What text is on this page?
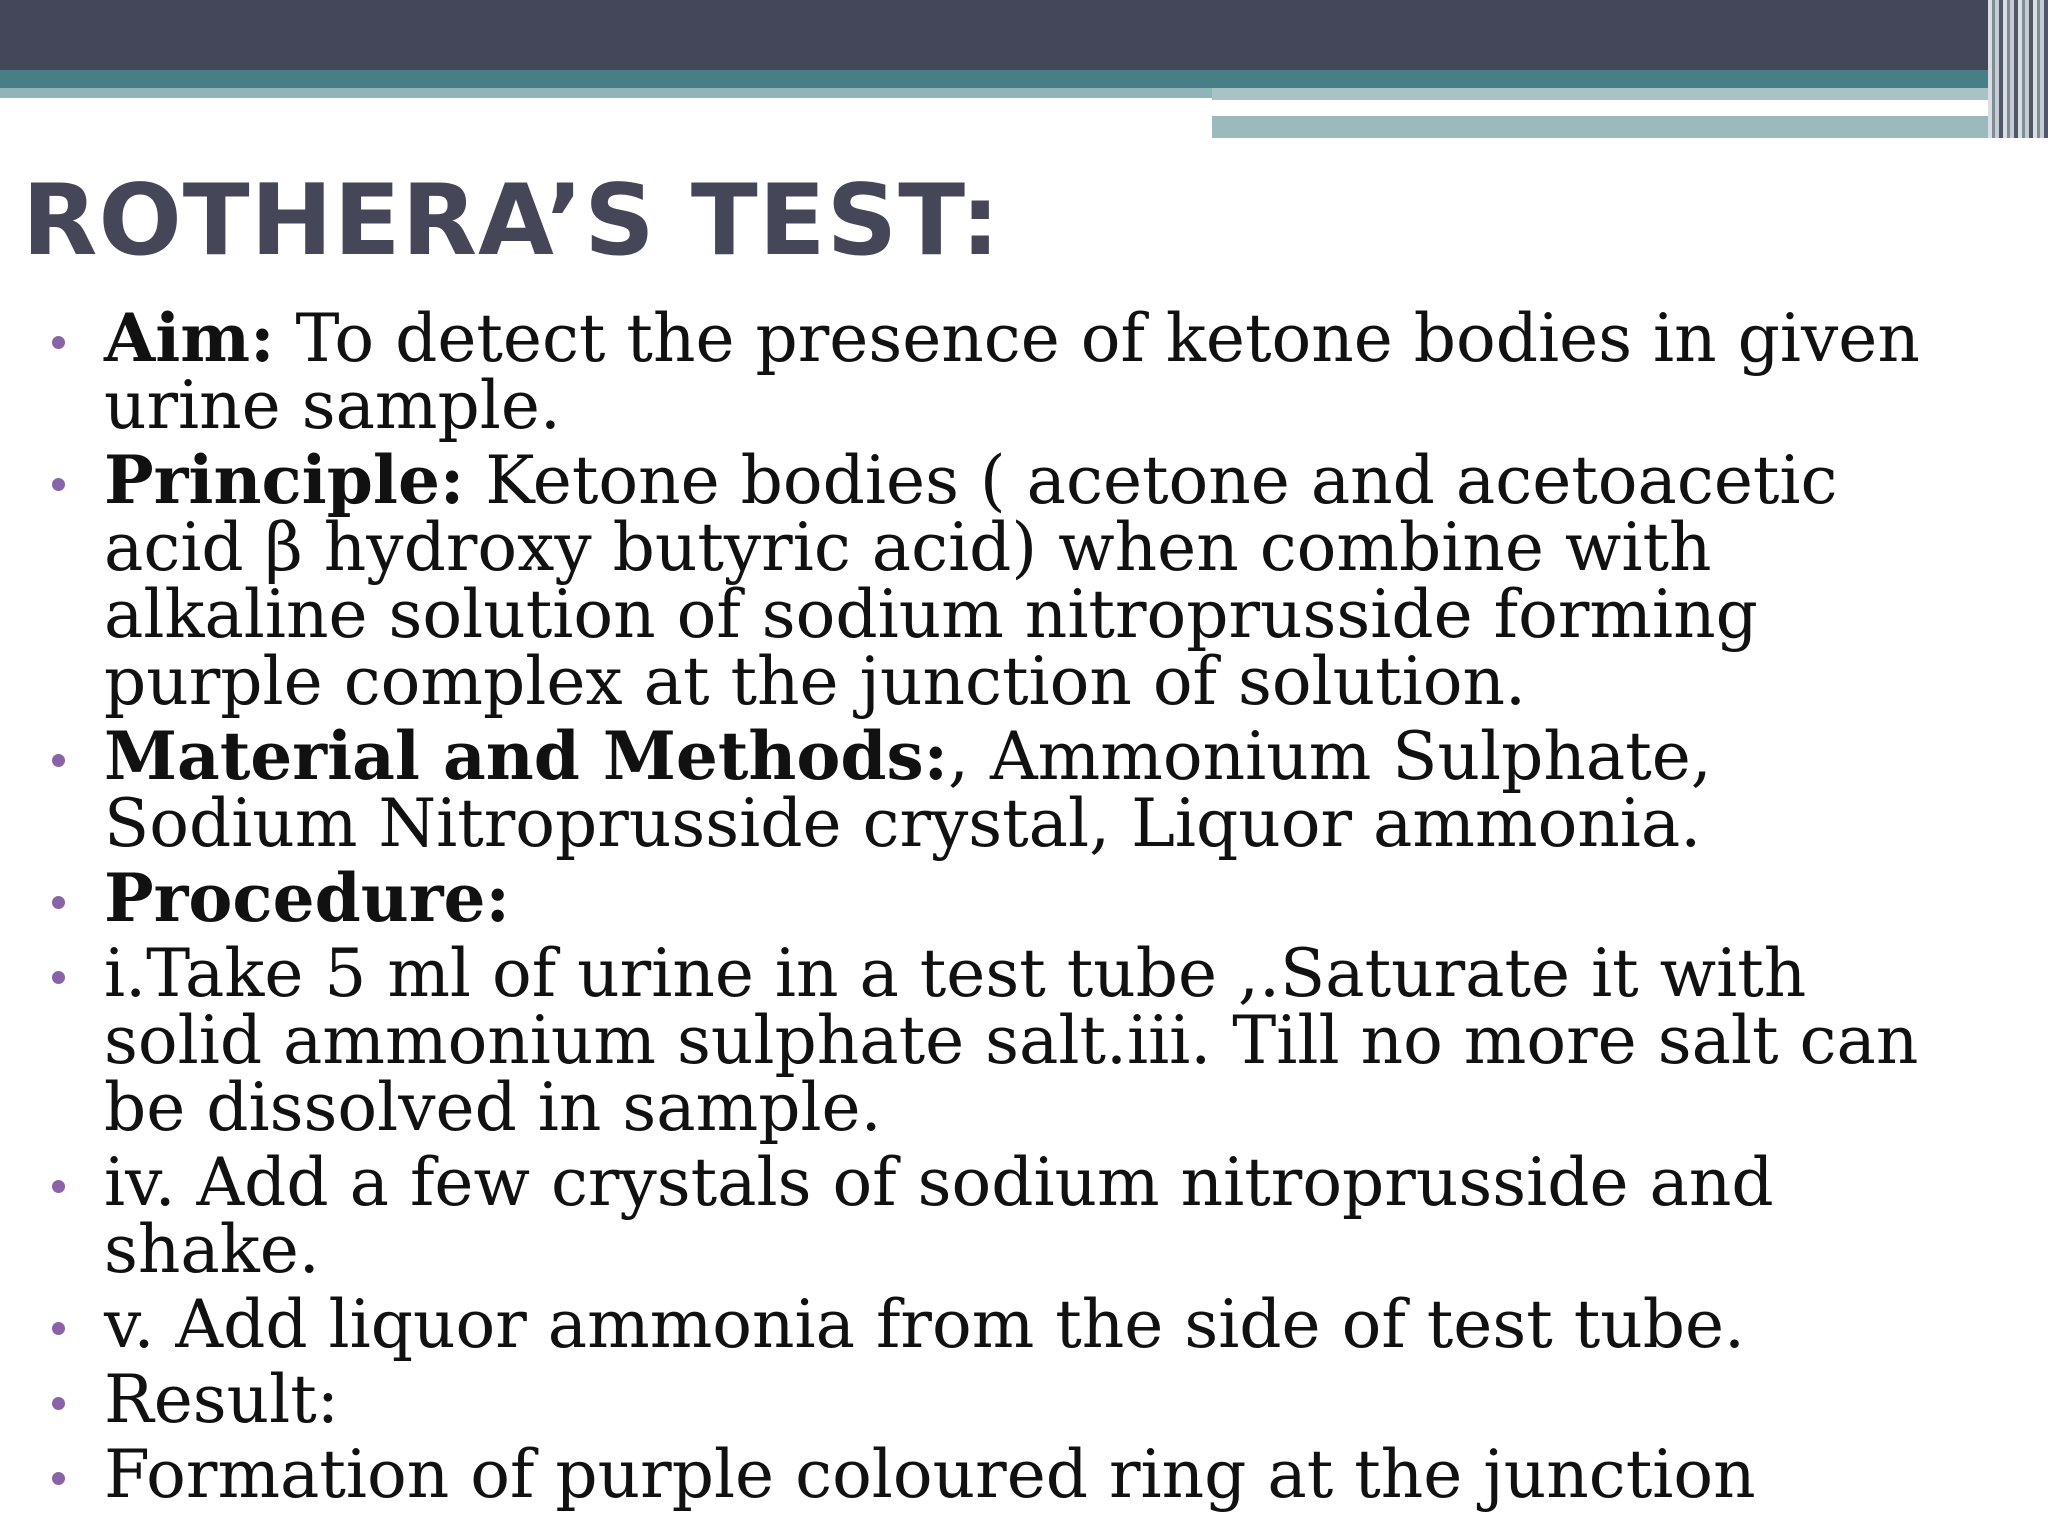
ROTHERA’S TEST:
Aim: To detect the presence of ketone bodies in given urine sample.
Principle: Ketone bodies ( acetone and acetoacetic acid β hydroxy butyric acid) when combine with alkaline solution of sodium nitroprusside forming purple complex at the junction of solution.
Material and Methods:, Ammonium Sulphate, Sodium Nitroprusside crystal, Liquor ammonia.
Procedure:
i.Take 5 ml of urine in a test tube ,.Saturate it with solid ammonium sulphate salt.iii. Till no more salt can be dissolved in sample.
iv. Add a few crystals of sodium nitroprusside and shake.
v. Add liquor ammonia from the side of test tube.
Result:
Formation of purple coloured ring at the junction
